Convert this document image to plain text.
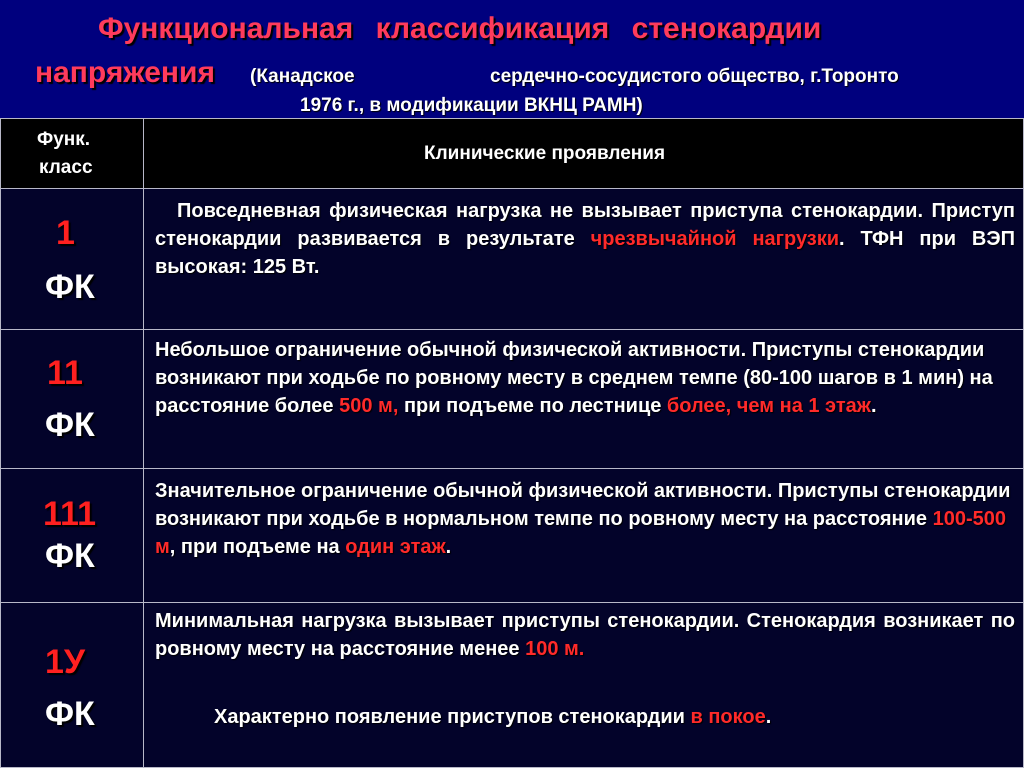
Функциональная классификация стенокардии
напряжения (Канадское	сердечно-сосудистого общество, г.Торонто
1976 г., в модификации ВКНЦ РАМН)
Функ.
класс
Клинические проявления
1
ФК
Повседневная физическая нагрузка не вызывает приступа стенокардии. Приступ стенокардии развивается в результате чрезвычайной нагрузки. ТФН при ВЭП высокая: 125 Вт.
11
ФК
Небольшое ограничение обычной физической активности. Приступы стенокардии возникают при ходьбе по ровному месту в среднем темпе (80-100 шагов в 1 мин) на расстояние более 500 м, при подъеме по лестнице более, чем на 1 этаж.
111
ФК
Значительное ограничение обычной физической активности. Приступы стенокардии возникают при ходьбе в нормальном темпе по ровному месту на расстояние 100-500 м, при подъеме на один этаж.
1У
ФК
Минимальная нагрузка вызывает приступы стенокардии. Стенокардия возникает по ровному месту на расстояние менее 100 м.
Характерно появление приступов стенокардии в покое.
